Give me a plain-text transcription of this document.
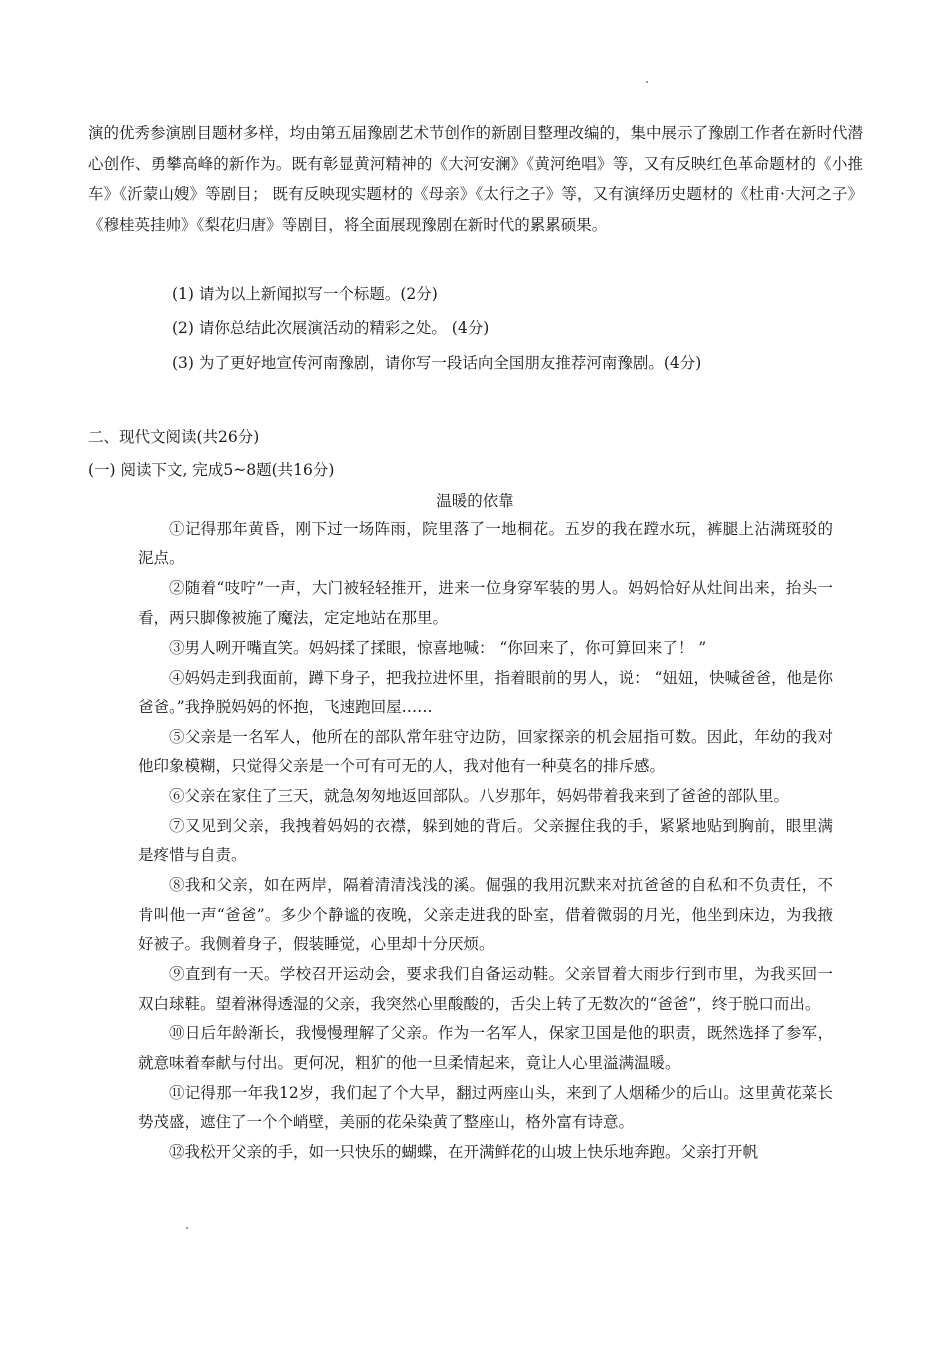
演的优秀参演剧目题材多样，均由第五届豫剧艺术节创作的新剧目整理改编的，集中展示了豫剧工作者在新时代潜心创作、勇攀高峰的新作为。既有彰显黄河精神的《大河安澜》《黄河绝唱》等，又有反映红色革命题材的《小推车》《沂蒙山嫂》等剧目； 既有反映现实题材的《母亲》《太行之子》等，又有演绎历史题材的《杜甫·大河之子》《穆桂英挂帅》《梨花归唐》等剧目，将全面展现豫剧在新时代的累累硕果。

(1) 请为以上新闻拟写一个标题。(2分)

(2) 请你总结此次展演活动的精彩之处。 (4分)

(3) 为了更好地宣传河南豫剧，请你写一段话向全国朋友推荐河南豫剧。(4分)

二、现代文阅读(共26分)

(一) 阅读下文, 完成5~8题(共16分)

温暖的依靠

①记得那年黄昏，刚下过一场阵雨，院里落了一地桐花。五岁的我在蹚水玩，裤腿上沾满斑驳的泥点。

②随着“吱咛”一声，大门被轻轻推开，进来一位身穿军装的男人。妈妈恰好从灶间出来，抬头一看，两只脚像被施了魔法，定定地站在那里。

③男人咧开嘴直笑。妈妈揉了揉眼，惊喜地喊： “你回来了，你可算回来了！ ”

④妈妈走到我面前，蹲下身子，把我拉进怀里，指着眼前的男人，说： “妞妞，快喊爸爸，他是你爸爸。”我挣脱妈妈的怀抱，飞速跑回屋……

⑤父亲是一名军人，他所在的部队常年驻守边防，回家探亲的机会屈指可数。因此，年幼的我对他印象模糊，只觉得父亲是一个可有可无的人，我对他有一种莫名的排斥感。

⑥父亲在家住了三天，就急匆匆地返回部队。八岁那年，妈妈带着我来到了爸爸的部队里。

⑦又见到父亲，我拽着妈妈的衣襟，躲到她的背后。父亲握住我的手，紧紧地贴到胸前，眼里满是疼惜与自责。

⑧我和父亲，如在两岸，隔着清清浅浅的溪。倔强的我用沉默来对抗爸爸的自私和不负责任，不肯叫他一声“爸爸”。多少个静谧的夜晚，父亲走进我的卧室，借着微弱的月光，他坐到床边，为我掖好被子。我侧着身子，假装睡觉，心里却十分厌烦。

⑨直到有一天。学校召开运动会，要求我们自备运动鞋。父亲冒着大雨步行到市里，为我买回一双白球鞋。望着淋得透湿的父亲，我突然心里酸酸的，舌尖上转了无数次的“爸爸”，终于脱口而出。

⑩日后年龄渐长，我慢慢理解了父亲。作为一名军人，保家卫国是他的职责，既然选择了参军，就意味着奉献与付出。更何况，粗犷的他一旦柔情起来，竟让人心里溢满温暖。

⑪记得那一年我12岁，我们起了个大早，翻过两座山头，来到了人烟稀少的后山。这里黄花菜长势茂盛，遮住了一个个峭壁，美丽的花朵染黄了整座山，格外富有诗意。

⑫我松开父亲的手，如一只快乐的蝴蝶，在开满鲜花的山坡上快乐地奔跑。父亲打开帆
